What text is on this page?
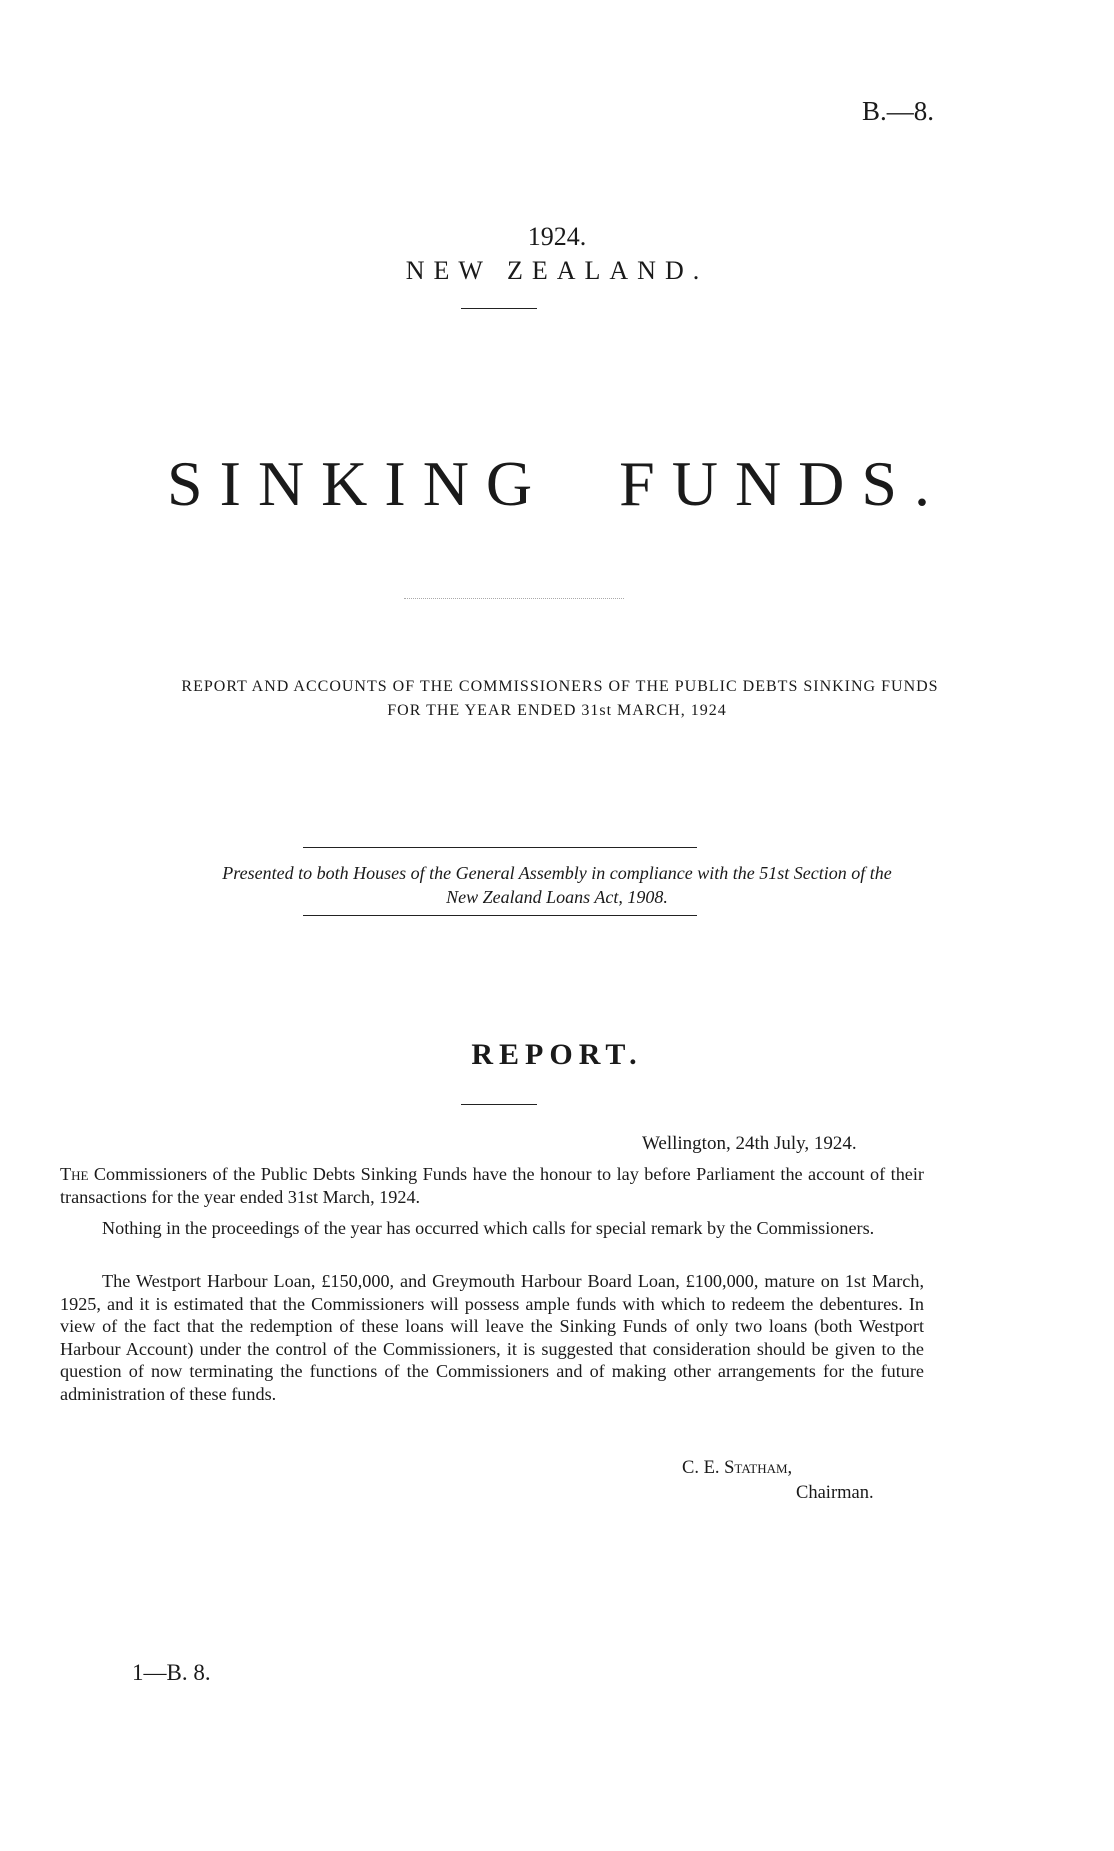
B.—8.
1924.
NEW ZEALAND.
SINKING FUNDS.
REPORT AND ACCOUNTS OF THE COMMISSIONERS OF THE PUBLIC DEBTS SINKING FUNDS
FOR THE YEAR ENDED 31st MARCH, 1924
Presented to both Houses of the General Assembly in compliance with the 51st Section of the
New Zealand Loans Act, 1908.
REPORT.
Wellington, 24th July, 1924.
The Commissioners of the Public Debts Sinking Funds have the honour to lay before Parliament the account of their transactions for the year ended 31st March, 1924.
Nothing in the proceedings of the year has occurred which calls for special remark by the Commissioners.
The Westport Harbour Loan, £150,000, and Greymouth Harbour Board Loan, £100,000, mature on 1st March, 1925, and it is estimated that the Commissioners will possess ample funds with which to redeem the debentures. In view of the fact that the redemption of these loans will leave the Sinking Funds of only two loans (both Westport Harbour Account) under the control of the Commissioners, it is suggested that consideration should be given to the question of now terminating the functions of the Commissioners and of making other arrangements for the future administration of these funds.
C. E. Statham,
Chairman.
1—B. 8.
